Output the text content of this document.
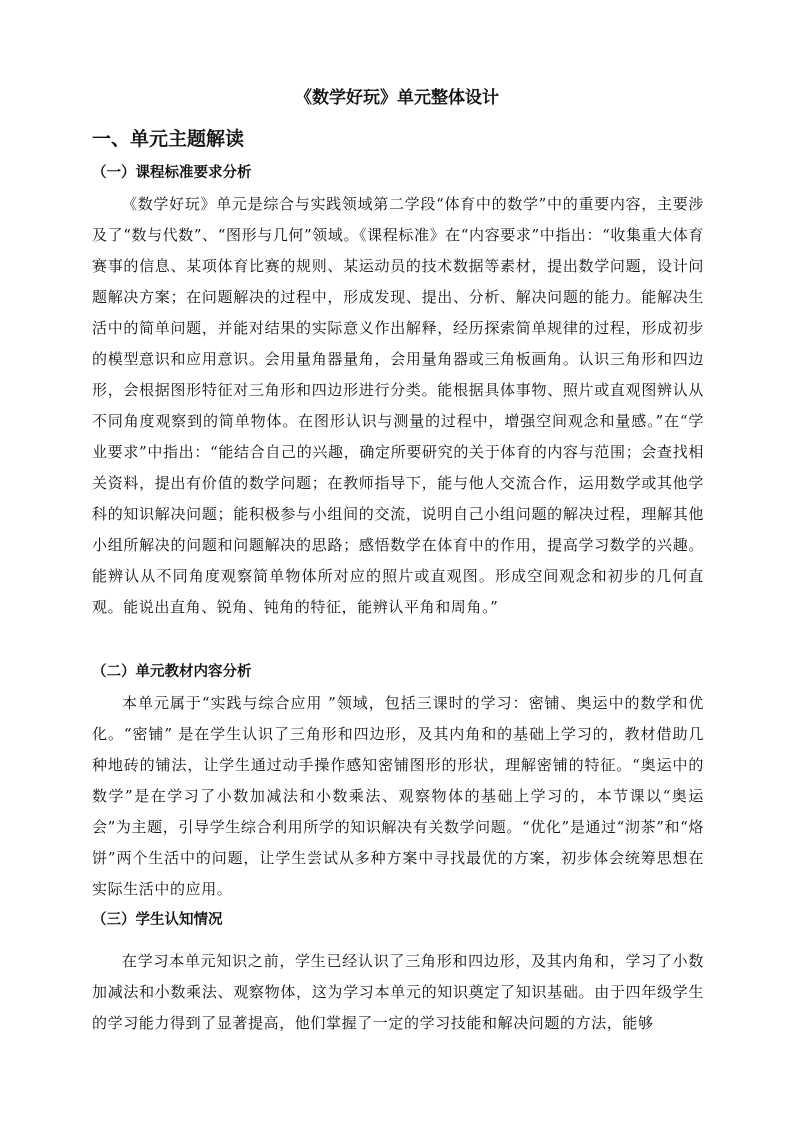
《数学好玩》单元整体设计
一、单元主题解读
（一）课程标准要求分析

《数学好玩》单元是综合与实践领域第二学段“体育中的数学”中的重要内容，主要涉及了“数与代数”、“图形与几何”领域。《课程标准》在“内容要求”中指出：“收集重大体育赛事的信息、某项体育比赛的规则、某运动员的技术数据等素材，提出数学问题，设计问题解决方案；在问题解决的过程中，形成发现、提出、分析、解决问题的能力。能解决生活中的简单问题，并能对结果的实际意义作出解释，经历探索简单规律的过程，形成初步的模型意识和应用意识。会用量角器量角，会用量角器或三角板画角。认识三角形和四边形，会根据图形特征对三角形和四边形进行分类。能根据具体事物、照片或直观图辨认从不同角度观察到的简单物体。在图形认识与测量的过程中，增强空间观念和量感。”在“学业要求”中指出：“能结合自己的兴趣，确定所要研究的关于体育的内容与范围；会查找相关资料，提出有价值的数学问题；在教师指导下，能与他人交流合作，运用数学或其他学科的知识解决问题；能积极参与小组间的交流，说明自己小组问题的解决过程，理解其他小组所解决的问题和问题解决的思路；感悟数学在体育中的作用，提高学习数学的兴趣。能辨认从不同角度观察简单物体所对应的照片或直观图。形成空间观念和初步的几何直观。能说出直角、锐角、钝角的特征，能辨认平角和周角。”

（二）单元教材内容分析

本单元属于“实践与综合应用 ”领域，包括三课时的学习：密铺、奥运中的数学和优化。“密铺” 是在学生认识了三角形和四边形，及其内角和的基础上学习的，教材借助几种地砖的铺法，让学生通过动手操作感知密铺图形的形状，理解密铺的特征。“奥运中的数学”是在学习了小数加减法和小数乘法、观察物体的基础上学习的，本节课以“奥运会”为主题，引导学生综合利用所学的知识解决有关数学问题。“优化”是通过“沏茶”和“烙饼”两个生活中的问题，让学生尝试从多种方案中寻找最优的方案，初步体会统筹思想在实际生活中的应用。

（三）学生认知情况

在学习本单元知识之前，学生已经认识了三角形和四边形，及其内角和，学习了小数加减法和小数乘法、观察物体，这为学习本单元的知识奠定了知识基础。由于四年级学生的学习能力得到了显著提高，他们掌握了一定的学习技能和解决问题的方法，能够
